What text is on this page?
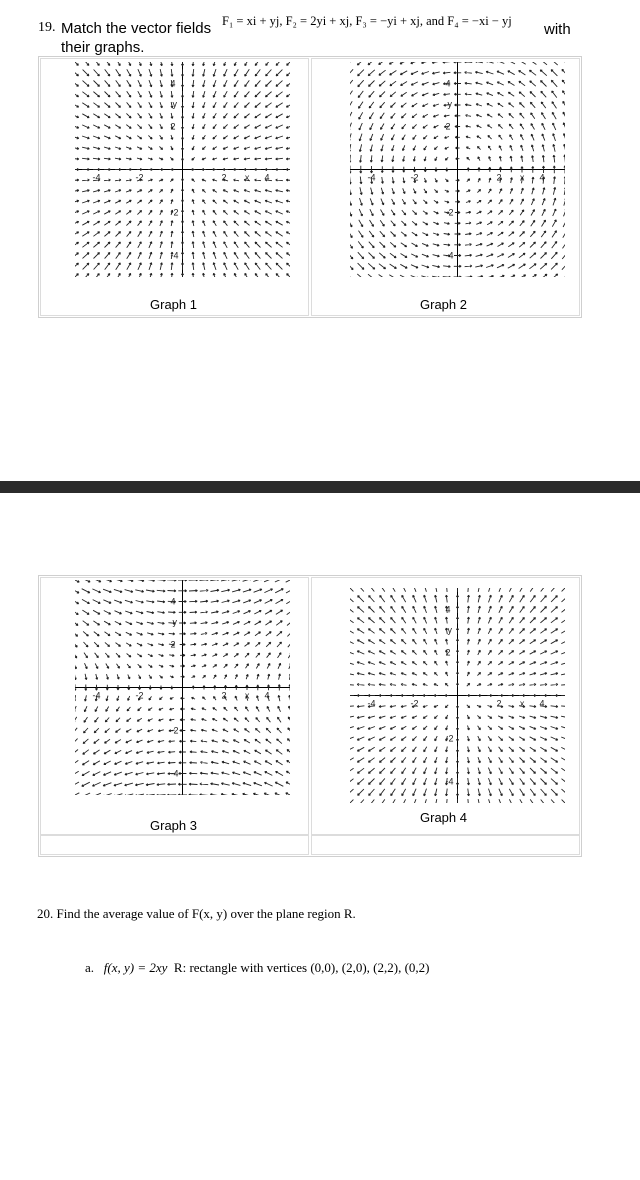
19. Match the vector fields F₁ = xi + yj, F₂ = 2yi + xj, F₃ = −yi + xj, and F₄ = −xi − yj with
their graphs.
-4
-4
-2
-2
2
2
4
4
x
y
-4
-4
-2
-2
2
2
4
4
x
y
Graph 1	Graph 2
-4
-4
-2
-2
2
2
4
4
x
y
-4
-4
-2
-2
2
2
4
4
x
y
Graph 3
Graph 4
20. Find the average value of F(x, y) over the plane region R.
a. f(x, y) = 2xy R: rectangle with vertices (0,0), (2,0), (2,2), (0,2)
